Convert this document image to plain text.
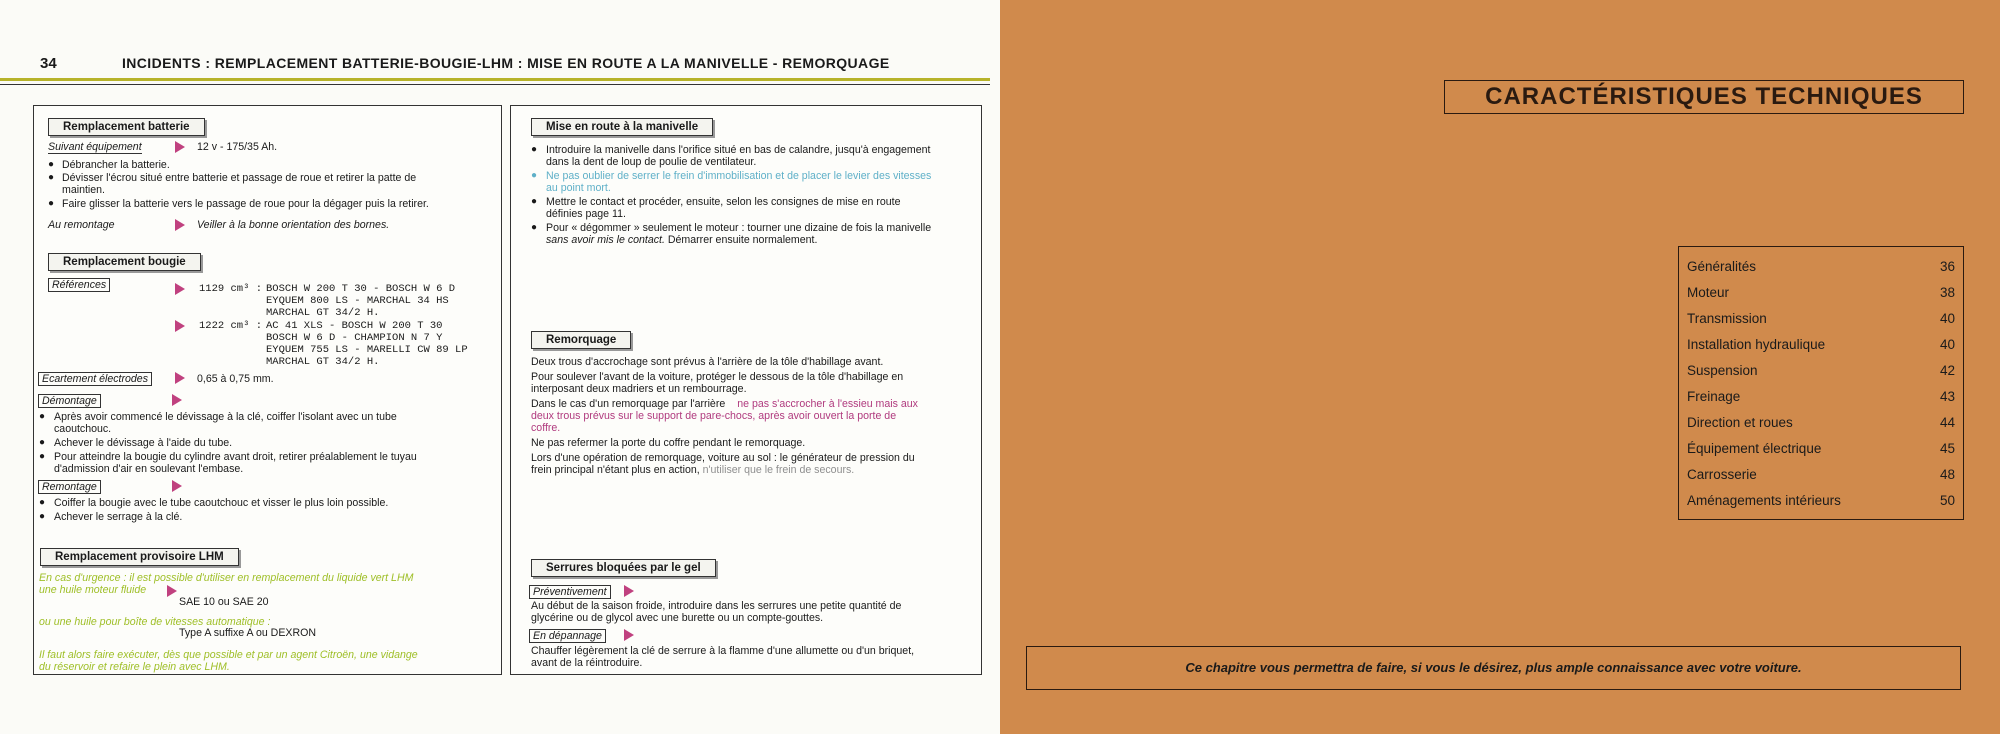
34	INCIDENTS : REMPLACEMENT BATTERIE-BOUGIE-LHM : MISE EN ROUTE A LA MANIVELLE - REMORQUAGE
Remplacement batterie
Suivant équipement	12 v - 175/35 Ah.
● Débrancher la batterie.
● Dévisser l'écrou situé entre batterie et passage de roue et retirer la patte de
maintien.
● Faire glisser la batterie vers le passage de roue pour la dégager puis la retirer.
Au remontage	Veiller à la bonne orientation des bornes.
Remplacement bougie
Références	1129 cm³ : BOSCH W 200 T 30 - BOSCH W 6 D
EYQUEM 800 LS - MARCHAL 34 HS
MARCHAL GT 34/2 H.
1222 cm³ : AC 41 XLS - BOSCH W 200 T 30
BOSCH W 6 D - CHAMPION N 7 Y
EYQUEM 755 LS - MARELLI CW 89 LP
MARCHAL GT 34/2 H.
Ecartement électrodes	0,65 à 0,75 mm.
Démontage
● Après avoir commencé le dévissage à la clé, coiffer l'isolant avec un tube
caoutchouc.
● Achever le dévissage à l'aide du tube.
● Pour atteindre la bougie du cylindre avant droit, retirer préalablement le tuyau
d'admission d'air en soulevant l'embase.
Remontage
● Coiffer la bougie avec le tube caoutchouc et visser le plus loin possible.
● Achever le serrage à la clé.
Remplacement provisoire LHM
En cas d'urgence : il est possible d'utiliser en remplacement du liquide vert LHM
une huile moteur fluide
SAE 10 ou SAE 20
ou une huile pour boîte de vitesses automatique :
Type A suffixe A ou DEXRON
Il faut alors faire exécuter, dès que possible et par un agent Citroën, une vidange
du réservoir et refaire le plein avec LHM.
Mise en route à la manivelle
● Introduire la manivelle dans l'orifice situé en bas de calandre, jusqu'à engagement
dans la dent de loup de poulie de ventilateur.
● Ne pas oublier de serrer le frein d'immobilisation et de placer le levier des vitesses
au point mort.
● Mettre le contact et procéder, ensuite, selon les consignes de mise en route
définies page 11.
● Pour « dégommer » seulement le moteur : tourner une dizaine de fois la manivelle
sans avoir mis le contact. Démarrer ensuite normalement.
Remorquage
Deux trous d'accrochage sont prévus à l'arrière de la tôle d'habillage avant.
Pour soulever l'avant de la voiture, protéger le dessous de la tôle d'habillage en
interposant deux madriers et un rembourrage.
Dans le cas d'un remorquage par l'arrière ne pas s'accrocher à l'essieu mais aux
deux trous prévus sur le support de pare-chocs, après avoir ouvert la porte de
coffre.
Ne pas refermer la porte du coffre pendant le remorquage.
Lors d'une opération de remorquage, voiture au sol : le générateur de pression du
frein principal n'étant plus en action, n'utiliser que le frein de secours.
Serrures bloquées par le gel
Préventivement
Au début de la saison froide, introduire dans les serrures une petite quantité de
glycérine ou de glycol avec une burette ou un compte-gouttes.
En dépannage
Chauffer légèrement la clé de serrure à la flamme d'une allumette ou d'un briquet,
avant de la réintroduire.
CARACTÉRISTIQUES TECHNIQUES
Généralités	36
Moteur	38
Transmission	40
Installation hydraulique	40
Suspension	42
Freinage	43
Direction et roues	44
Équipement électrique	45
Carrosserie	48
Aménagements intérieurs	50
Ce chapitre vous permettra de faire, si vous le désirez, plus ample connaissance avec votre voiture.
